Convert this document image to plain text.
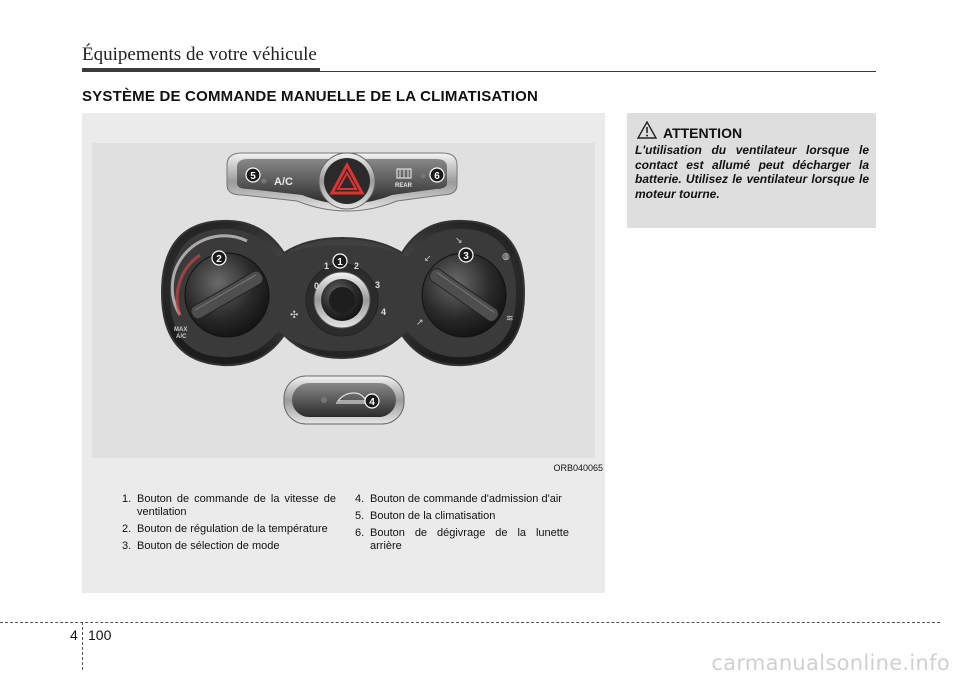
Équipements de votre véhicule
SYSTÈME DE COMMANDE MANUELLE DE LA CLIMATISATION
A/C	REAR
MAX
A/C
0
1	2
3
4
✣
↙
↘
◍
↗	≋
5	6
2	1
3
4
ORB040065
1. Bouton de commande de la vitesse de ventilation
2. Bouton de régulation de la température
3. Bouton de sélection de mode
4. Bouton de commande d'admission d'air
5. Bouton de la climatisation
6. Bouton de dégivrage de la lunette arrière
ATTENTION
L'utilisation du ventilateur lorsque le contact est allumé peut décharger la batterie. Utilisez le ventilateur lorsque le moteur tourne.
4 100
carmanualsonline.info
